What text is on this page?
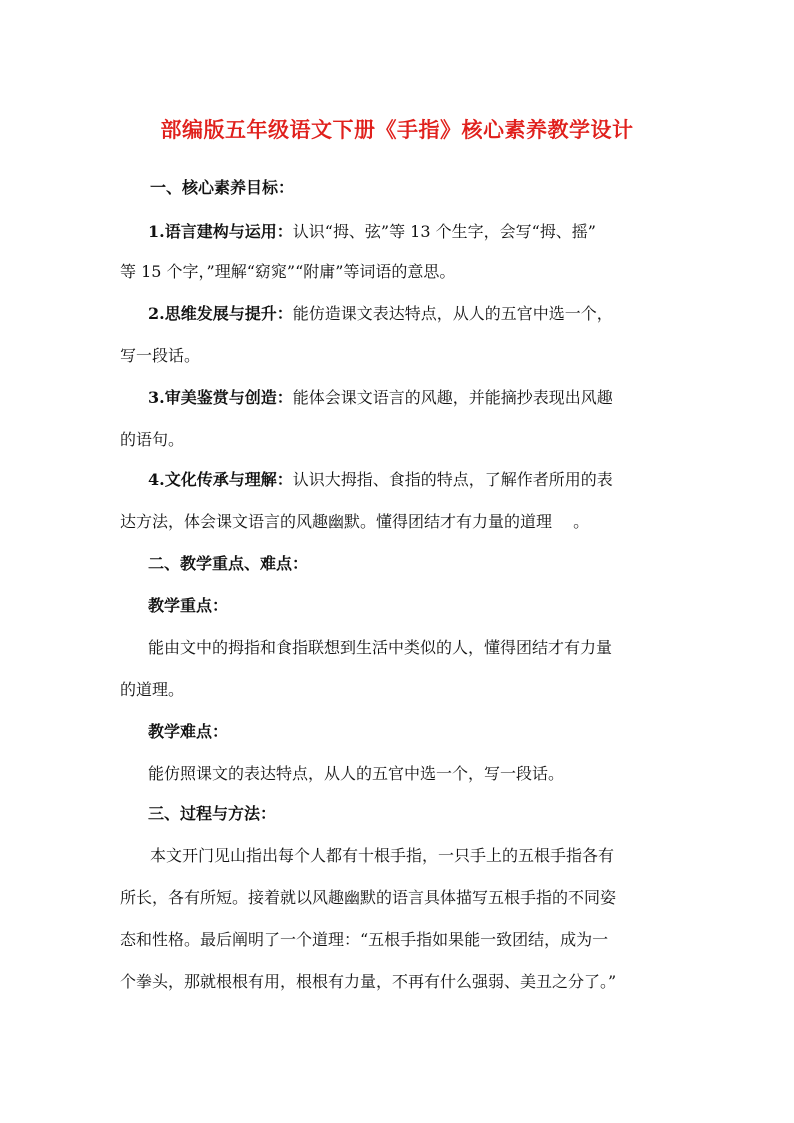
部编版五年级语文下册《手指》核心素养教学设计
一、核心素养目标：
1.语言建构与运用：认识“拇、弦”等 13 个生字，会写“拇、摇”
等 15 个字，”理解“窈窕”“附庸”等词语的意思。
2.思维发展与提升：能仿造课文表达特点，从人的五官中选一个，
写一段话。
3.审美鉴赏与创造：能体会课文语言的风趣，并能摘抄表现出风趣
的语句。
4.文化传承与理解：认识大拇指、食指的特点，了解作者所用的表
达方法，体会课文语言的风趣幽默。懂得团结才有力量的道理 　。
二、教学重点、难点：
教学重点：
能由文中的拇指和食指联想到生活中类似的人，懂得团结才有力量
的道理。
教学难点：
能仿照课文的表达特点，从人的五官中选一个，写一段话。
三、过程与方法：
本文开门见山指出每个人都有十根手指，一只手上的五根手指各有
所长，各有所短。接着就以风趣幽默的语言具体描写五根手指的不同姿
态和性格。最后阐明了一个道理：“五根手指如果能一致团结，成为一
个拳头，那就根根有用，根根有力量，不再有什么强弱、美丑之分了。”
